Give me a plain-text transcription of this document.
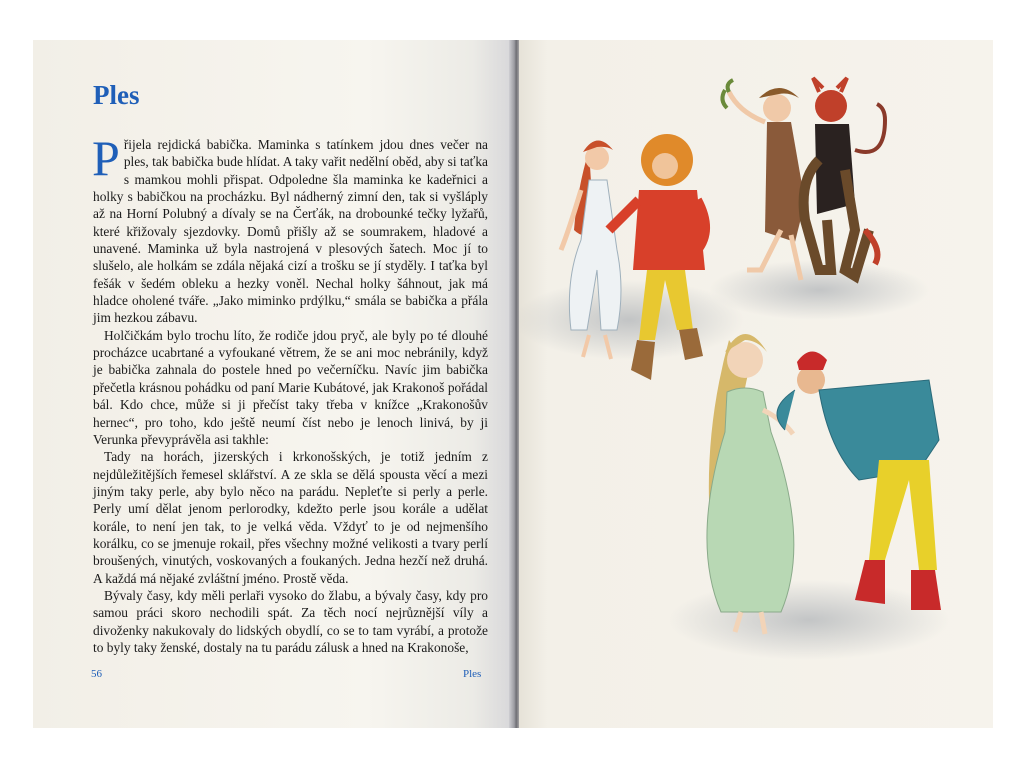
Ples

Přijela rejdická babička. Maminka s tatínkem jdou dnes večer na ples, tak babička bude hlídat. A taky vařit nedělní oběd, aby si taťka s mamkou mohli přispat. Odpoledne šla maminka ke kadeřnici a holky s babičkou na procházku. Byl nádherný zimní den, tak si vyšláply až na Horní Polubný a dívaly se na Čerťák, na drobounké tečky lyžařů, které křižovaly sjezdovky. Domů přišly až se soumrakem, hladové a unavené. Maminka už byla nastrojená v plesových šatech. Moc jí to slušelo, ale holkám se zdála nějaká cizí a trošku se jí styděly. I taťka byl fešák v šedém obleku a hezky voněl. Nechal holky šáhnout, jak má hladce oholené tváře. „Jako miminko prdýlku,“ smála se babička a přála jim hezkou zábavu.

Holčičkám bylo trochu líto, že rodiče jdou pryč, ale byly po té dlouhé procházce ucabrtané a vyfoukané větrem, že se ani moc nebránily, když je babička zahnala do postele hned po večerníčku. Navíc jim babička přečetla krásnou pohádku od paní Marie Kubátové, jak Krakonoš pořádal bál. Kdo chce, může si ji přečíst taky třeba v knížce „Krakonošův hernec“, pro toho, kdo ještě neumí číst nebo je lenoch linivá, by ji Verunka převyprávěla asi takhle:

Tady na horách, jizerských i krkonošských, je totiž jedním z nejdůležitějších řemesel sklářství. A ze skla se dělá spousta věcí a mezi jiným taky perle, aby bylo něco na parádu. Nepleťte si perly a perle. Perly umí dělat jenom perlorodky, kdežto perle jsou korále a udělat korále, to není jen tak, to je velká věda. Vždyť to je od nejmenšího korálku, co se jmenuje rokail, přes všechny možné velikosti a tvary perlí broušených, vinutých, voskovaných a foukaných. Jedna hezčí než druhá. A každá má nějaké zvláštní jméno. Prostě věda.

Bývaly časy, kdy měli perlaři vysoko do žlabu, a bývaly časy, kdy pro samou práci skoro nechodili spát. Za těch nocí nejrůznější víly a divoženky nakukovaly do lidských obydlí, co se to tam vyrábí, a protože to byly taky ženské, dostaly na tu parádu zálusk a hned na Krakonoše,

56	Ples
